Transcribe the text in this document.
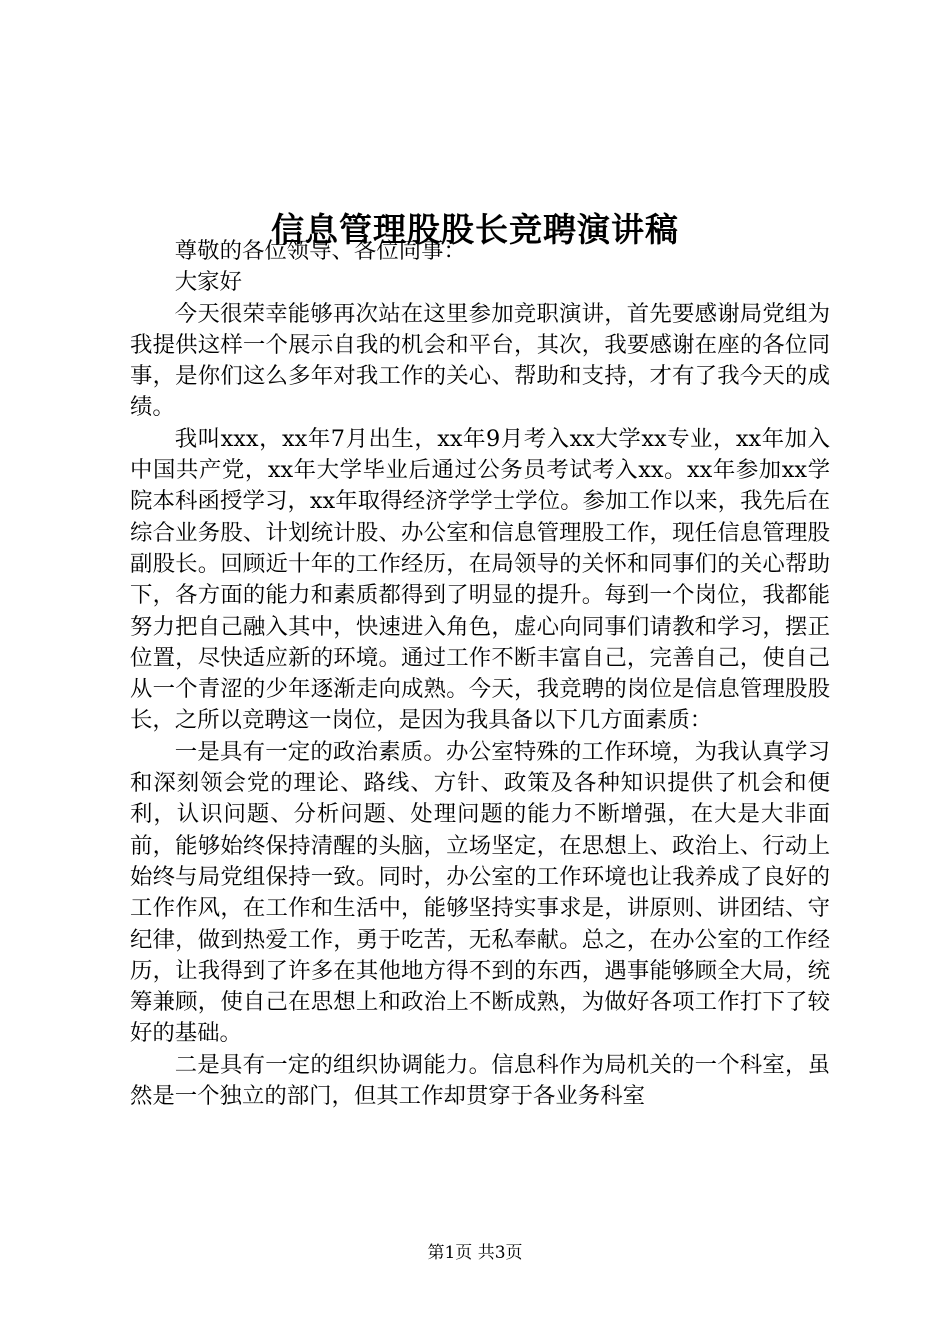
信息管理股股长竞聘演讲稿

尊敬的各位领导、各位同事：

大家好

今天很荣幸能够再次站在这里参加竞职演讲，首先要感谢局党组为我提供这样一个展示自我的机会和平台，其次，我要感谢在座的各位同事，是你们这么多年对我工作的关心、帮助和支持，才有了我今天的成绩。

我叫xxx，xx年7月出生，xx年9月考入xx大学xx专业，xx年加入中国共产党，xx年大学毕业后通过公务员考试考入xx。xx年参加xx学院本科函授学习，xx年取得经济学学士学位。参加工作以来，我先后在综合业务股、计划统计股、办公室和信息管理股工作，现任信息管理股副股长。回顾近十年的工作经历，在局领导的关怀和同事们的关心帮助下，各方面的能力和素质都得到了明显的提升。每到一个岗位，我都能努力把自己融入其中，快速进入角色，虚心向同事们请教和学习，摆正位置，尽快适应新的环境。通过工作不断丰富自己，完善自己，使自己从一个青涩的少年逐渐走向成熟。今天，我竞聘的岗位是信息管理股股长，之所以竞聘这一岗位，是因为我具备以下几方面素质：

一是具有一定的政治素质。办公室特殊的工作环境，为我认真学习和深刻领会党的理论、路线、方针、政策及各种知识提供了机会和便利，认识问题、分析问题、处理问题的能力不断增强，在大是大非面前，能够始终保持清醒的头脑，立场坚定，在思想上、政治上、行动上始终与局党组保持一致。同时，办公室的工作环境也让我养成了良好的工作作风，在工作和生活中，能够坚持实事求是，讲原则、讲团结、守纪律，做到热爱工作，勇于吃苦，无私奉献。总之，在办公室的工作经历，让我得到了许多在其他地方得不到的东西，遇事能够顾全大局，统筹兼顾，使自己在思想上和政治上不断成熟，为做好各项工作打下了较好的基础。

二是具有一定的组织协调能力。信息科作为局机关的一个科室，虽然是一个独立的部门，但其工作却贯穿于各业务科室

第1页 共3页
